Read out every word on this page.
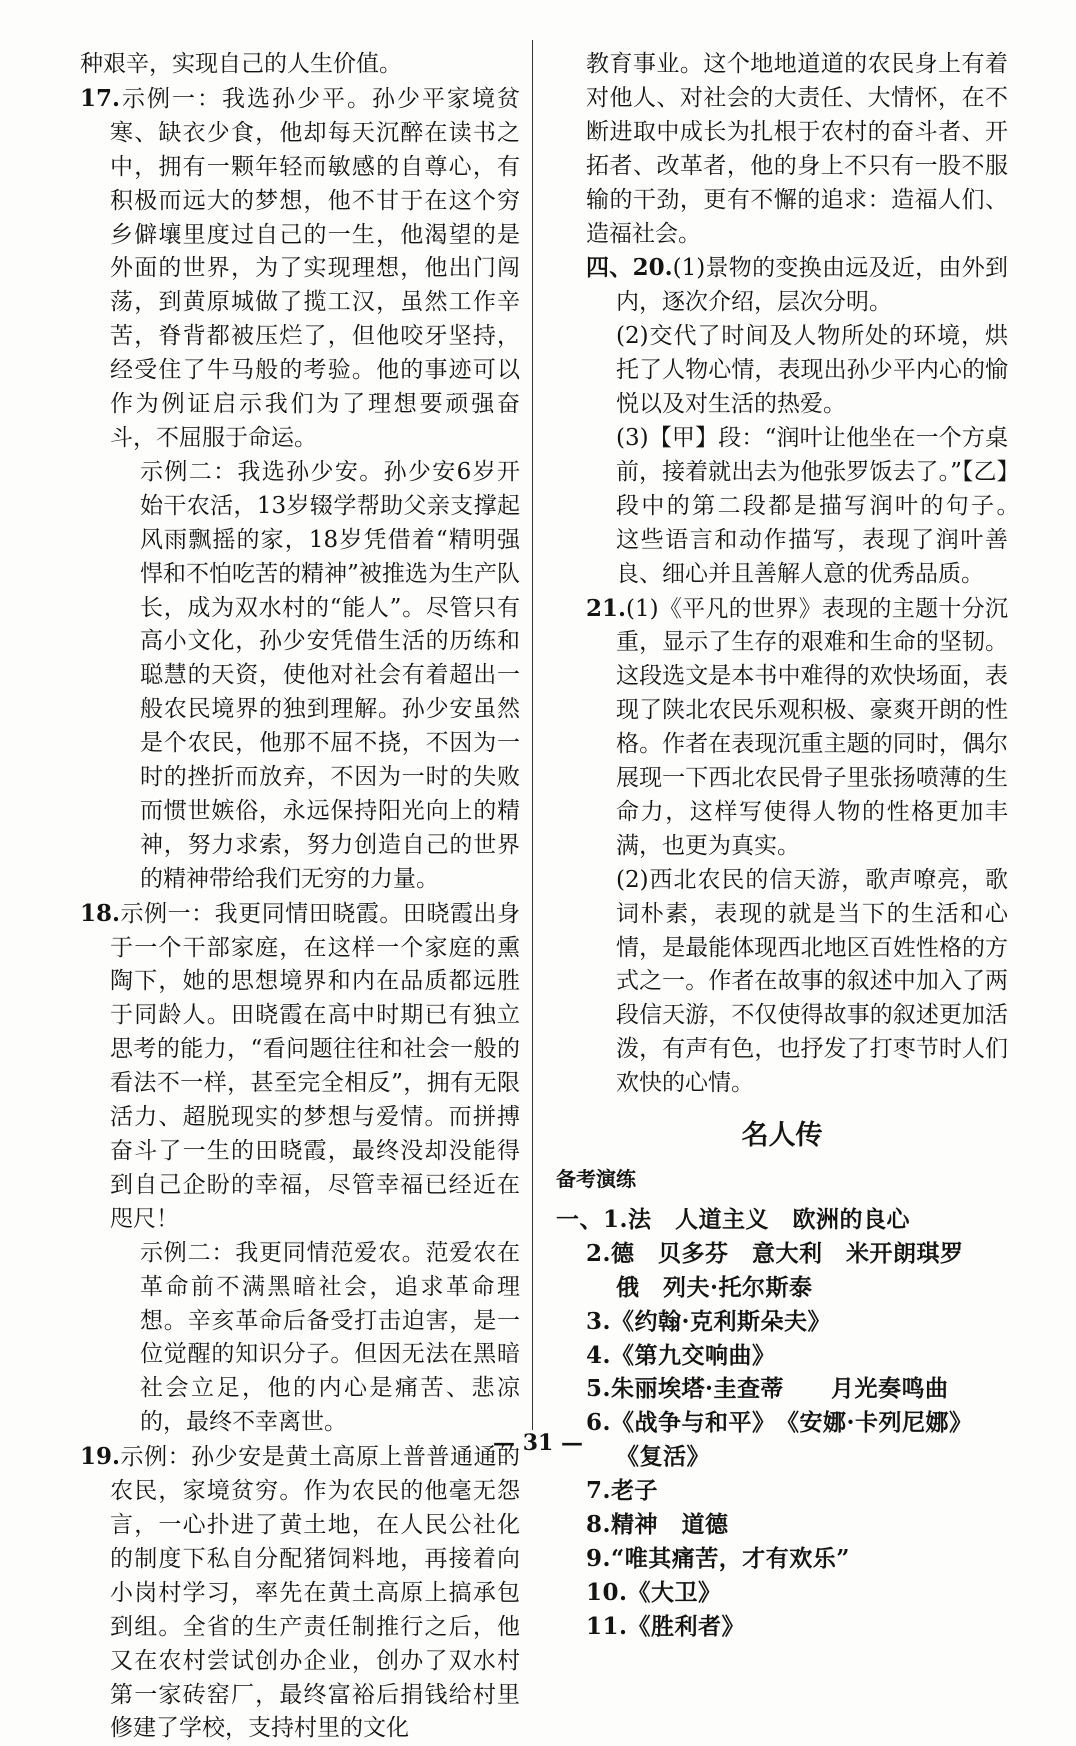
种艰辛，实现自己的人生价值。

17.示例一：我选孙少平。孙少平家境贫寒、缺衣少食，他却每天沉醉在读书之中，拥有一颗年轻而敏感的自尊心，有积极而远大的梦想，他不甘于在这个穷乡僻壤里度过自己的一生，他渴望的是外面的世界，为了实现理想，他出门闯荡，到黄原城做了揽工汉，虽然工作辛苦，脊背都被压烂了，但他咬牙坚持，经受住了牛马般的考验。他的事迹可以作为例证启示我们为了理想要顽强奋斗，不屈服于命运。

示例二：我选孙少安。孙少安6岁开始干农活，13岁辍学帮助父亲支撑起风雨飘摇的家，18岁凭借着“精明强悍和不怕吃苦的精神”被推选为生产队长，成为双水村的“能人”。尽管只有高小文化，孙少安凭借生活的历练和聪慧的天资，使他对社会有着超出一般农民境界的独到理解。孙少安虽然是个农民，他那不屈不挠，不因为一时的挫折而放弃，不因为一时的失败而惯世嫉俗，永远保持阳光向上的精神，努力求索，努力创造自己的世界的精神带给我们无穷的力量。

18.示例一：我更同情田晓霞。田晓霞出身于一个干部家庭，在这样一个家庭的熏陶下，她的思想境界和内在品质都远胜于同龄人。田晓霞在高中时期已有独立思考的能力，“看问题往往和社会一般的看法不一样，甚至完全相反”，拥有无限活力、超脱现实的梦想与爱情。而拼搏奋斗了一生的田晓霞，最终没却没能得到自己企盼的幸福，尽管幸福已经近在咫尺！

示例二：我更同情范爱农。范爱农在革命前不满黑暗社会，追求革命理想。辛亥革命后备受打击迫害，是一位觉醒的知识分子。但因无法在黑暗社会立足，他的内心是痛苦、悲凉的，最终不幸离世。

19.示例：孙少安是黄土高原上普普通通的农民，家境贫穷。作为农民的他毫无怨言，一心扑进了黄土地，在人民公社化的制度下私自分配猪饲料地，再接着向小岗村学习，率先在黄土高原上搞承包到组。全省的生产责任制推行之后，他又在农村尝试创办企业，创办了双水村第一家砖窑厂，最终富裕后捐钱给村里修建了学校，支持村里的文化

教育事业。这个地地道道的农民身上有着对他人、对社会的大责任、大情怀，在不断进取中成长为扎根于农村的奋斗者、开拓者、改革者，他的身上不只有一股不服输的干劲，更有不懈的追求：造福人们、造福社会。

四、20.(1)景物的变换由远及近，由外到内，逐次介绍，层次分明。

(2)交代了时间及人物所处的环境，烘托了人物心情，表现出孙少平内心的愉悦以及对生活的热爱。

(3)【甲】段：“润叶让他坐在一个方桌前，接着就出去为他张罗饭去了。”【乙】段中的第二段都是描写润叶的句子。　这些语言和动作描写，表现了润叶善良、细心并且善解人意的优秀品质。

21.(1)《平凡的世界》表现的主题十分沉重，显示了生存的艰难和生命的坚韧。这段选文是本书中难得的欢快场面，表现了陕北农民乐观积极、豪爽开朗的性格。作者在表现沉重主题的同时，偶尔展现一下西北农民骨子里张扬喷薄的生命力，这样写使得人物的性格更加丰满，也更为真实。

(2)西北农民的信天游，歌声嘹亮，歌词朴素，表现的就是当下的生活和心情，是最能体现西北地区百姓性格的方式之一。作者在故事的叙述中加入了两段信天游，不仅使得故事的叙述更加活泼，有声有色，也抒发了打枣节时人们欢快的心情。

名人传
备考演练
一、1.法　人道主义　欧洲的良心
2.德　贝多芬　意大利　米开朗琪罗　俄　列夫·托尔斯泰
3.《约翰·克利斯朵夫》
4.《第九交响曲》
5.朱丽埃塔·圭查蒂　　月光奏鸣曲
6.《战争与和平》　《安娜·卡列尼娜》　《复活》
7.老子
8.精神　道德
9.“唯其痛苦，才有欢乐”
10.《大卫》
11.《胜利者》
— 31 —
